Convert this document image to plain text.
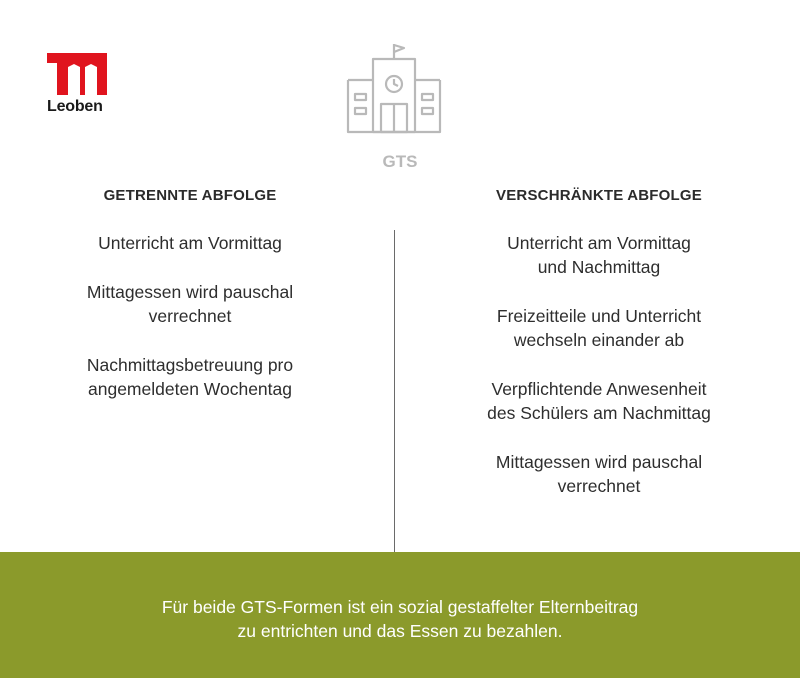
Leoben
GTS
GETRENNTE ABFOLGE
Unterricht am Vormittag
Mittagessen wird pauschal
verrechnet
Nachmittagsbetreuung pro
angemeldeten Wochentag
VERSCHRÄNKTE ABFOLGE
Unterricht am Vormittag
und Nachmittag
Freizeitteile und Unterricht
wechseln einander ab
Verpflichtende Anwesenheit
des Schülers am Nachmittag
Mittagessen wird pauschal
verrechnet
Für beide GTS-Formen ist ein sozial gestaffelter Elternbeitrag
zu entrichten und das Essen zu bezahlen.
